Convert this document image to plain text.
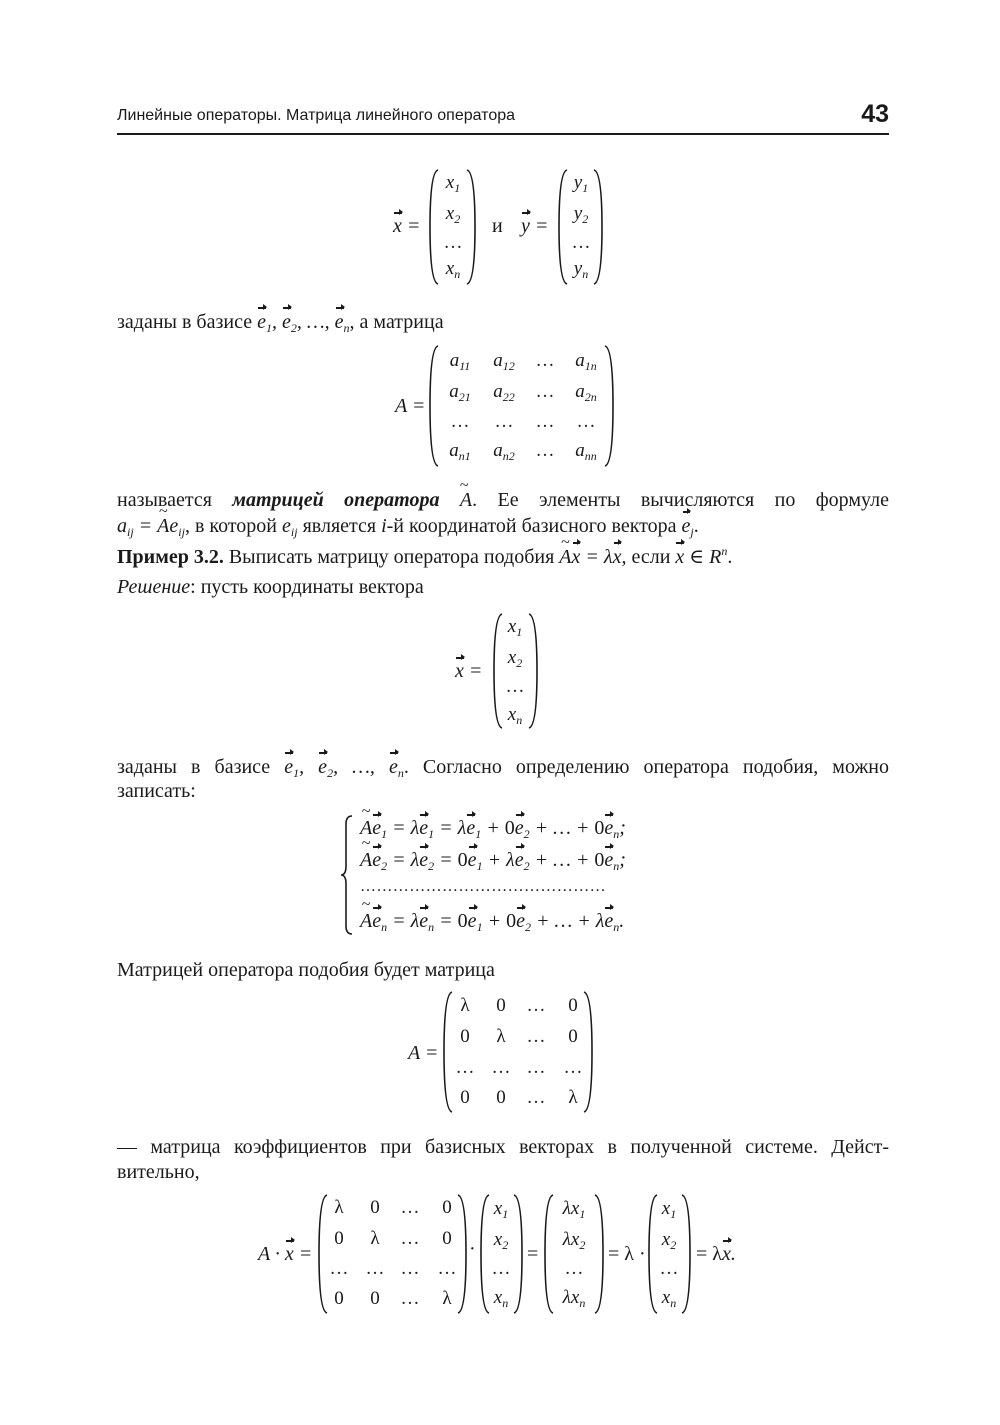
Линейные операторы. Матрица линейного оператора	43
x =
$x_1$
$x_2$
…
$x_n$
и y =
$y_1$
$y_2$
…
$y_n$
заданы в базисе $e_1$, $e_2$, …, $e_n$, а матрица
A =
$a_{11}$	$a_{12}$	…	$a_{1n}$
$a_{21}$	$a_{22}$	…	$a_{2n}$
…	…	…	…
$a_{n1}$	$a_{n2}$	…	$a_{nn}$
называется матрицей оператора ~ A. Ее элементы вычисляются по формуле
$a_{ij}$ = ~ $Ae_{ij}$, в которой $e_{ij}$ является i-й координатой базисного вектора $e_j$.
Пример 3.2. Выписать матрицу оператора подобия ~ Ax = λx, если x ∈ $R^n$.
Решение: пусть координаты вектора
x =
$x_1$
$x_2$
…
$x_n$
заданы в базисе $e_1$, $e_2$, …, $e_n$. Согласно определению оператора подобия, можно
записать:
~ $Ae_1 = \lambda e_1 = \lambda e_1 + 0e_2$ + … + $0e_n$;
~ $Ae_2 = \lambda e_2 = 0e_1 + \lambda e_2$ + … + $0e_n$;
………………………………………
~ $Ae_n = \lambda e_n = 0e_1 + 0e_2$ + … + $\lambda e_n$.
Матрицей оператора подобия будет матрица
A =
λ	0	…	0
0	λ	…	0
… … … …
0	0	…	λ
— матрица коэффициентов при базисных векторах в полученной системе. Дейст-
вительно,
A · x =
λ	0	…	0
0	λ	…	0
… … … …
0	0	…	λ
·
$x_1$
$x_2$
…
$x_n$
=
$\lambda x_1$
$\lambda x_2$
…
$\lambda x_n$
= λ ·
$x_1$
$x_2$
…
$x_n$
= λx.
